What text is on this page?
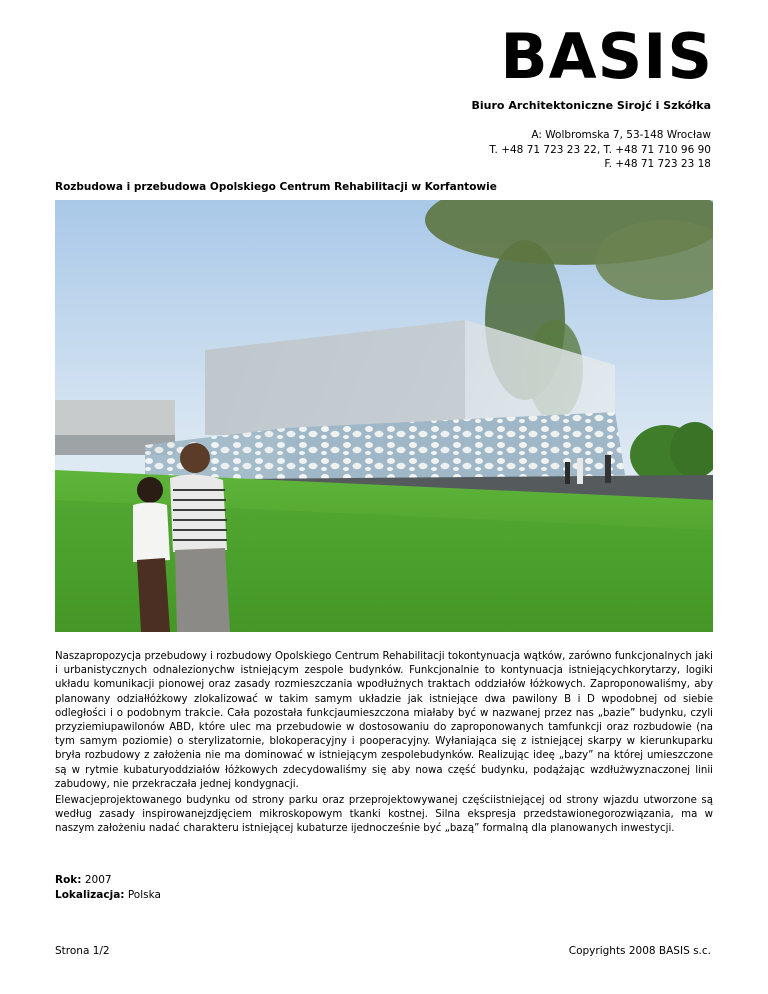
BASIS
Biuro Architektoniczne Sirojć i Szkółka
A: Wolbromska 7, 53-148 Wrocław
T. +48 71 723 23 22, T. +48 71 710 96 90
F. +48 71 723 23 18
Rozbudowa i przebudowa Opolskiego Centrum Rehabilitacji w Korfantowie
Naszapropozycja przebudowy i rozbudowy Opolskiego Centrum Rehabilitacji tokontynuacja wątków, zarówno funkcjonalnych jaki i urbanistycznych odnalezionychw istniejącym zespole budynków. Funkcjonalnie to kontynuacja istniejącychkorytarzy, logiki układu komunikacji pionowej oraz zasady rozmieszczania wpodłużnych traktach oddziałów łóżkowych. Zaproponowaliśmy, aby planowany odziałłóżkowy zlokalizować w takim samym układzie jak istniejące dwa pawilony B i D wpodobnej od siebie odległości i o podobnym trakcie. Cała pozostała funkcjaumieszczona miałaby być w nazwanej przez nas „bazie” budynku, czyli przyziemiupawilonów ABD, które ulec ma przebudowie w dostosowaniu do zaproponowanych tamfunkcji oraz rozbudowie (na tym samym poziomie) o sterylizatornie, blokoperacyjny i pooperacyjny. Wyłaniająca się z istniejącej skarpy w kierunkuparku bryła rozbudowy z założenia nie ma dominować w istniejącym zespolebudynków. Realizując ideę „bazy” na której umieszczone są w rytmie kubaturyoddziałów łóżkowych zdecydowaliśmy się aby nowa część budynku, podążając wzdłużwyznaczonej linii zabudowy, nie przekraczała jednej kondygnacji.
Elewacjeprojektowanego budynku od strony parku oraz przeprojektowywanej częściistniejącej od strony wjazdu utworzone są według zasady inspirowanejzdjęciem mikroskopowym tkanki kostnej. Silna ekspresja przedstawionegorozwiązania, ma w naszym założeniu nadać charakteru istniejącej kubaturze ijednocześnie być „bazą” formalną dla planowanych inwestycji.
Rok: 2007
Lokalizacja: Polska
Strona 1/2	Copyrights 2008 BASIS s.c.
